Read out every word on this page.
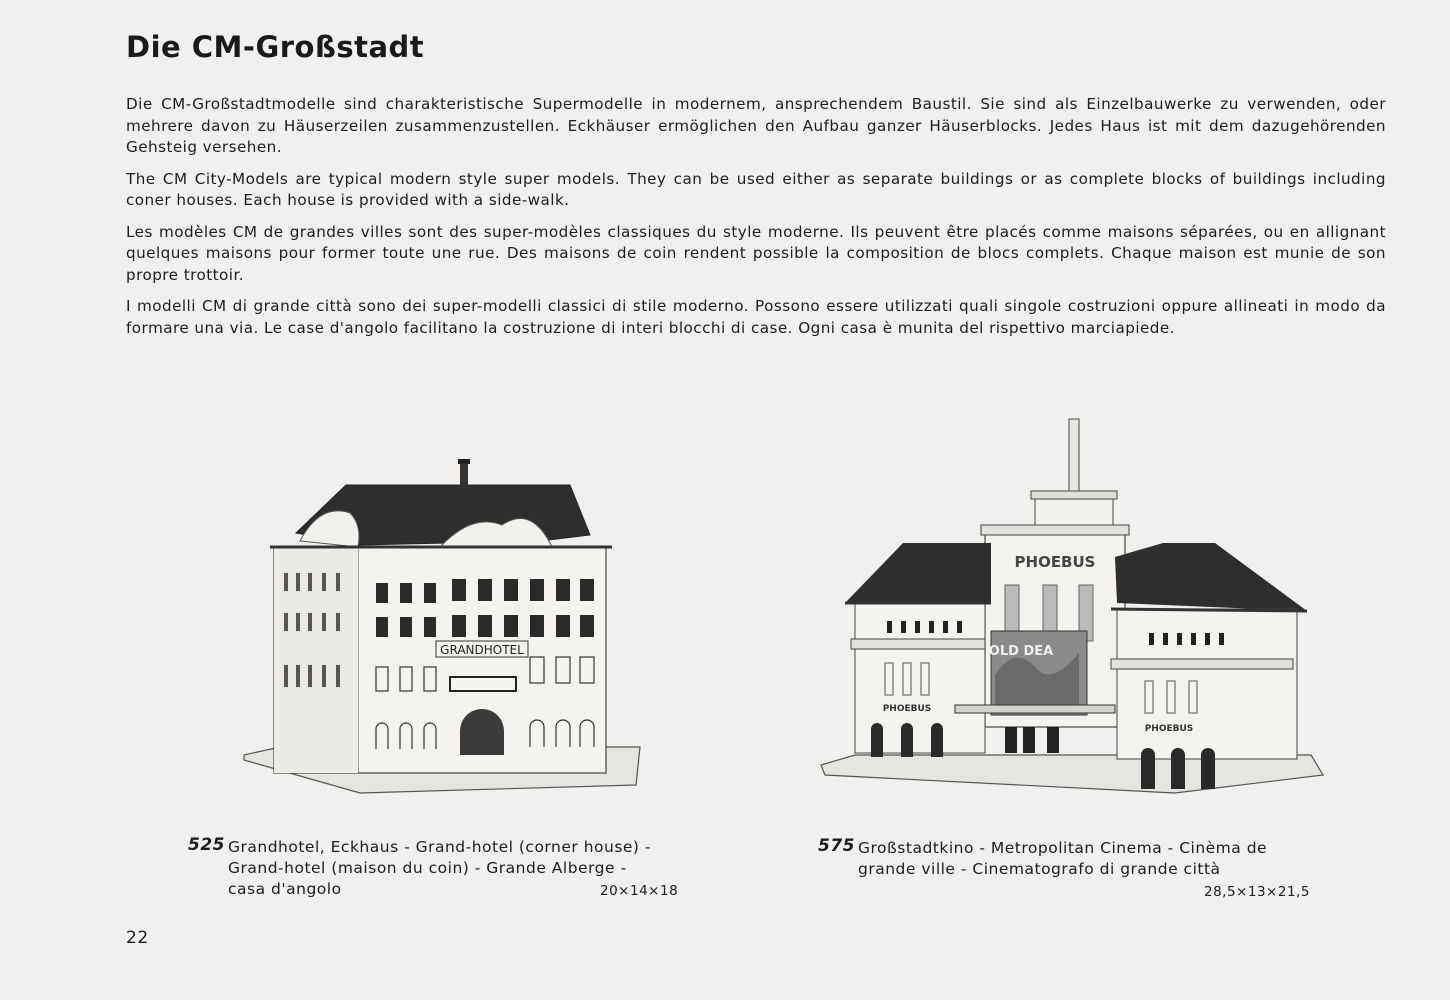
Die CM-Großstadt

Die CM-Großstadtmodelle sind charakteristische Supermodelle in modernem, ansprechendem Baustil. Sie sind als Einzelbauwerke zu verwenden, oder mehrere davon zu Häuserzeilen zusammenzustellen. Eckhäuser ermöglichen den Aufbau ganzer Häuserblocks. Jedes Haus ist mit dem dazugehörenden Gehsteig versehen.

The CM City-Models are typical modern style super models. They can be used either as separate buildings or as complete blocks of buildings including coner houses. Each house is provided with a side-walk.

Les modèles CM de grandes villes sont des super-modèles classiques du style moderne. Ils peuvent être placés comme maisons séparées, ou en allignant quelques maisons pour former toute une rue. Des maisons de coin rendent possible la composition de blocs complets. Chaque maison est munie de son propre trottoir.

I modelli CM di grande città sono dei super-modelli classici di stile moderno. Possono essere utilizzati quali singole costruzioni oppure allineati in modo da formare una via. Le case d'angolo facilitano la costruzione di interi blocchi di case. Ogni casa è munita del rispettivo marciapiede.

GRANDHOTEL
PHOEBUS
PHOEBUS
PHOEBUS
OLD DEA
525 Grandhotel, Eckhaus - Grand-hotel (corner house) -
Grand-hotel (maison du coin) - Grande Alberge -
casa d'angolo	20×14×18
575 Großstadtkino - Metropolitan Cinema - Cinèma de
grande ville - Cinematografo di grande città
28,5×13×21,5
22
